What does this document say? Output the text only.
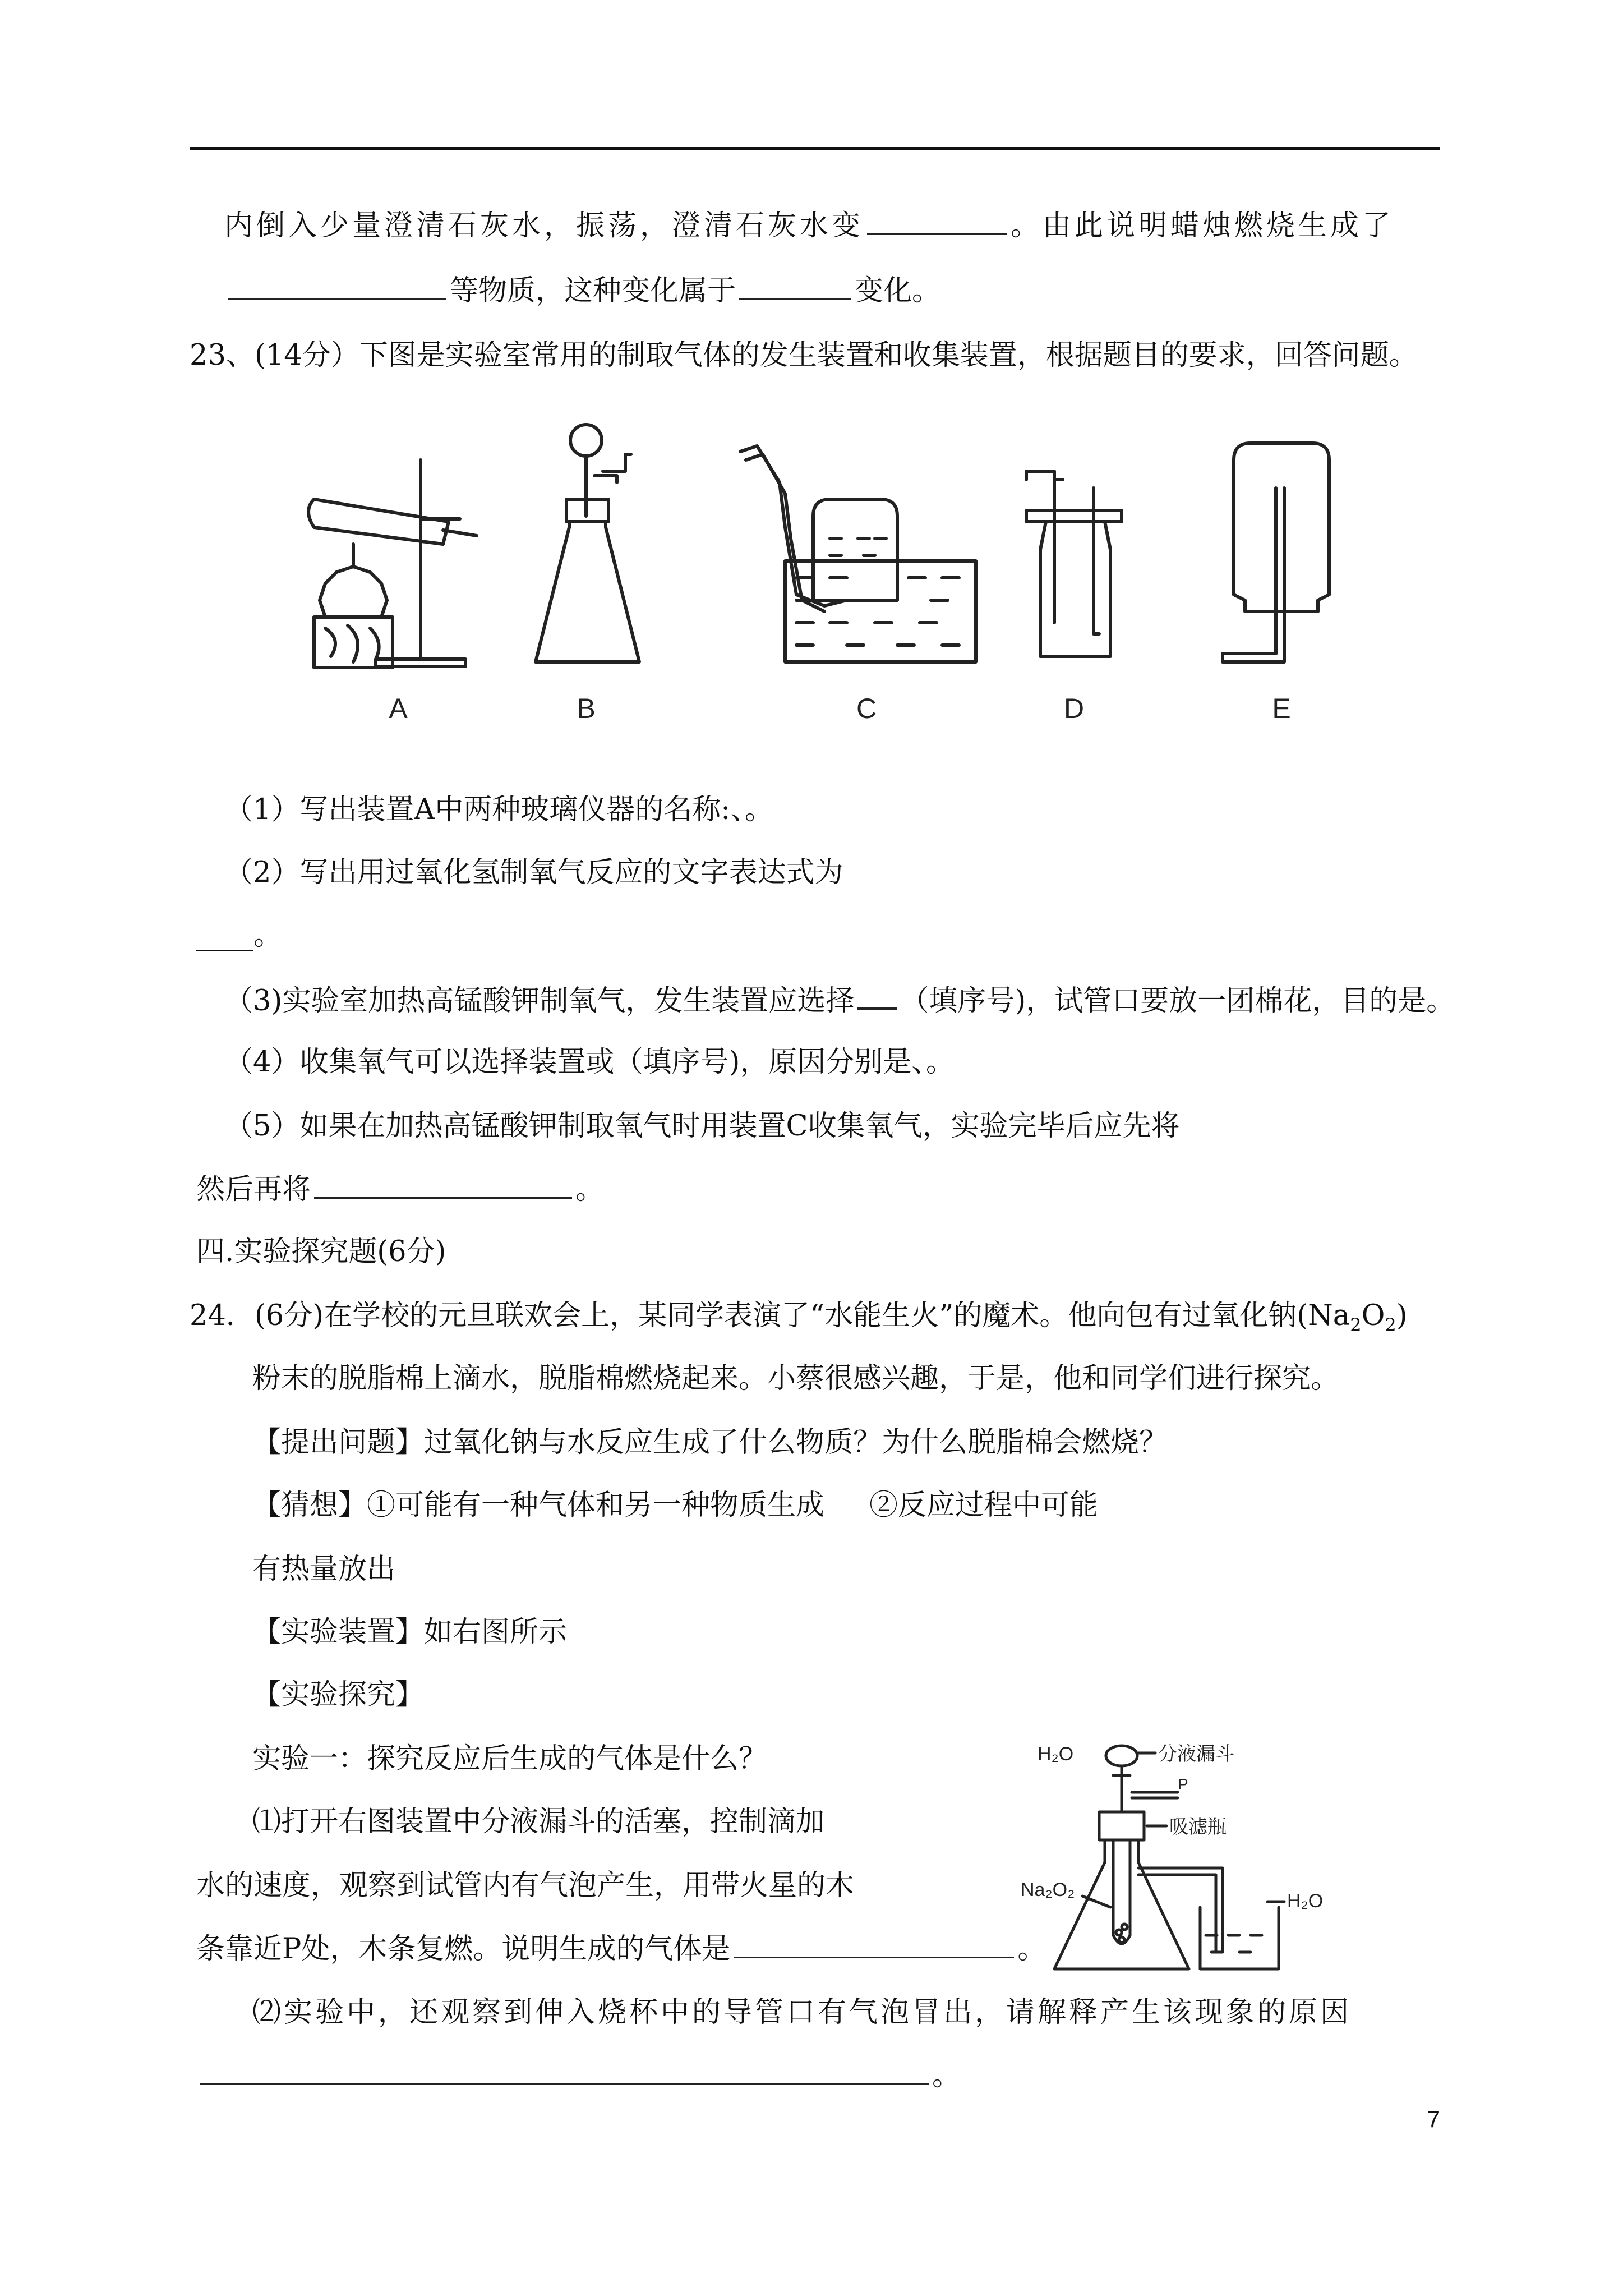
内倒入少量澄清石灰水，振荡，澄清石灰水变	。由此说明蜡烛燃烧生成了
等物质，这种变化属于	变化。
23、(14分）下图是实验室常用的制取气体的发生装置和收集装置，根据题目的要求，回答问题。
A	B	C	D	E
（1）写出装置A中两种玻璃仪器的名称:、。
（2）写出用过氧化氢制氧气反应的文字表达式为
____。
（3)实验室加热高锰酸钾制氧气，发生装置应选择 （填序号)，试管口要放一团棉花，目的是。
（4）收集氧气可以选择装置或（填序号)，原因分别是、。
（5）如果在加热高锰酸钾制取氧气时用装置C收集氧气，实验完毕后应先将
然后再将	。
四.实验探究题(6分)
24．(6分)在学校的元旦联欢会上，某同学表演了“水能生火”的魔术。他向包有过氧化钠$(Na_2O_2)$
粉末的脱脂棉上滴水，脱脂棉燃烧起来。小蔡很感兴趣，于是，他和同学们进行探究。
【提出问题】过氧化钠与水反应生成了什么物质？为什么脱脂棉会燃烧？
【猜想】①可能有一种气体和另一种物质生成 ②反应过程中可能
有热量放出
【实验装置】如右图所示
【实验探究】
实验一：探究反应后生成的气体是什么？
⑴打开右图装置中分液漏斗的活塞，控制滴加
水的速度，观察到试管内有气泡产生，用带火星的木
条靠近P处，木条复燃。说明生成的气体是	。
⑵实验中，还观察到伸入烧杯中的导管口有气泡冒出，请解释产生该现象的原因
。
H₂O	分液漏斗
P
吸滤瓶
Na₂O₂
H₂O
7
